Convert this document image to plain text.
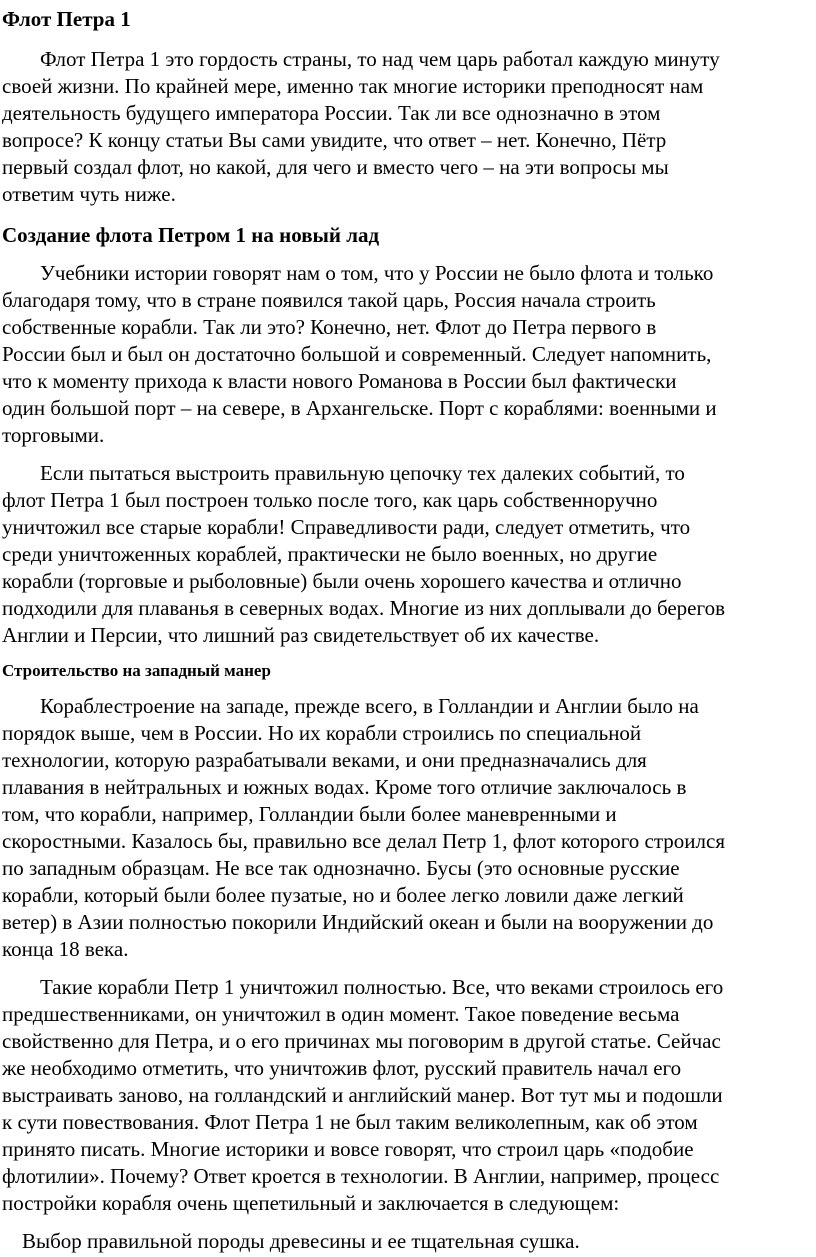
Флот Петра 1
Флот Петра 1 это гордость страны, то над чем царь работал каждую минуту
своей жизни. По крайней мере, именно так многие историки преподносят нам
деятельность будущего императора России. Так ли все однозначно в этом
вопросе? К концу статьи Вы сами увидите, что ответ – нет. Конечно, Пётр
первый создал флот, но какой, для чего и вместо чего – на эти вопросы мы
ответим чуть ниже.
Создание флота Петром 1 на новый лад
Учебники истории говорят нам о том, что у России не было флота и только
благодаря тому, что в стране появился такой царь, Россия начала строить
собственные корабли. Так ли это? Конечно, нет. Флот до Петра первого в
России был и был он достаточно большой и современный. Следует напомнить,
что к моменту прихода к власти нового Романова в России был фактически
один большой порт – на севере, в Архангельске. Порт с кораблями: военными и
торговыми.
Если пытаться выстроить правильную цепочку тех далеких событий, то
флот Петра 1 был построен только после того, как царь собственноручно
уничтожил все старые корабли! Справедливости ради, следует отметить, что
среди уничтоженных кораблей, практически не было военных, но другие
корабли (торговые и рыболовные) были очень хорошего качества и отлично
подходили для плаванья в северных водах. Многие из них доплывали до берегов
Англии и Персии, что лишний раз свидетельствует об их качестве.
Строительство на западный манер
Кораблестроение на западе, прежде всего, в Голландии и Англии было на
порядок выше, чем в России. Но их корабли строились по специальной
технологии, которую разрабатывали веками, и они предназначались для
плавания в нейтральных и южных водах. Кроме того отличие заключалось в
том, что корабли, например, Голландии были более маневренными и
скоростными. Казалось бы, правильно все делал Петр 1, флот которого строился
по западным образцам. Не все так однозначно. Бусы (это основные русские
корабли, который были более пузатые, но и более легко ловили даже легкий
ветер) в Азии полностью покорили Индийский океан и были на вооружении до
конца 18 века.
Такие корабли Петр 1 уничтожил полностью. Все, что веками строилось его
предшественниками, он уничтожил в один момент. Такое поведение весьма
свойственно для Петра, и о его причинах мы поговорим в другой статье. Сейчас
же необходимо отметить, что уничтожив флот, русский правитель начал его
выстраивать заново, на голландский и английский манер. Вот тут мы и подошли
к сути повествования. Флот Петра 1 не был таким великолепным, как об этом
принято писать. Многие историки и вовсе говорят, что строил царь «подобие
флотилии». Почему? Ответ кроется в технологии. В Англии, например, процесс
постройки корабля очень щепетильный и заключается в следующем:
Выбор правильной породы древесины и ее тщательная сушка.
